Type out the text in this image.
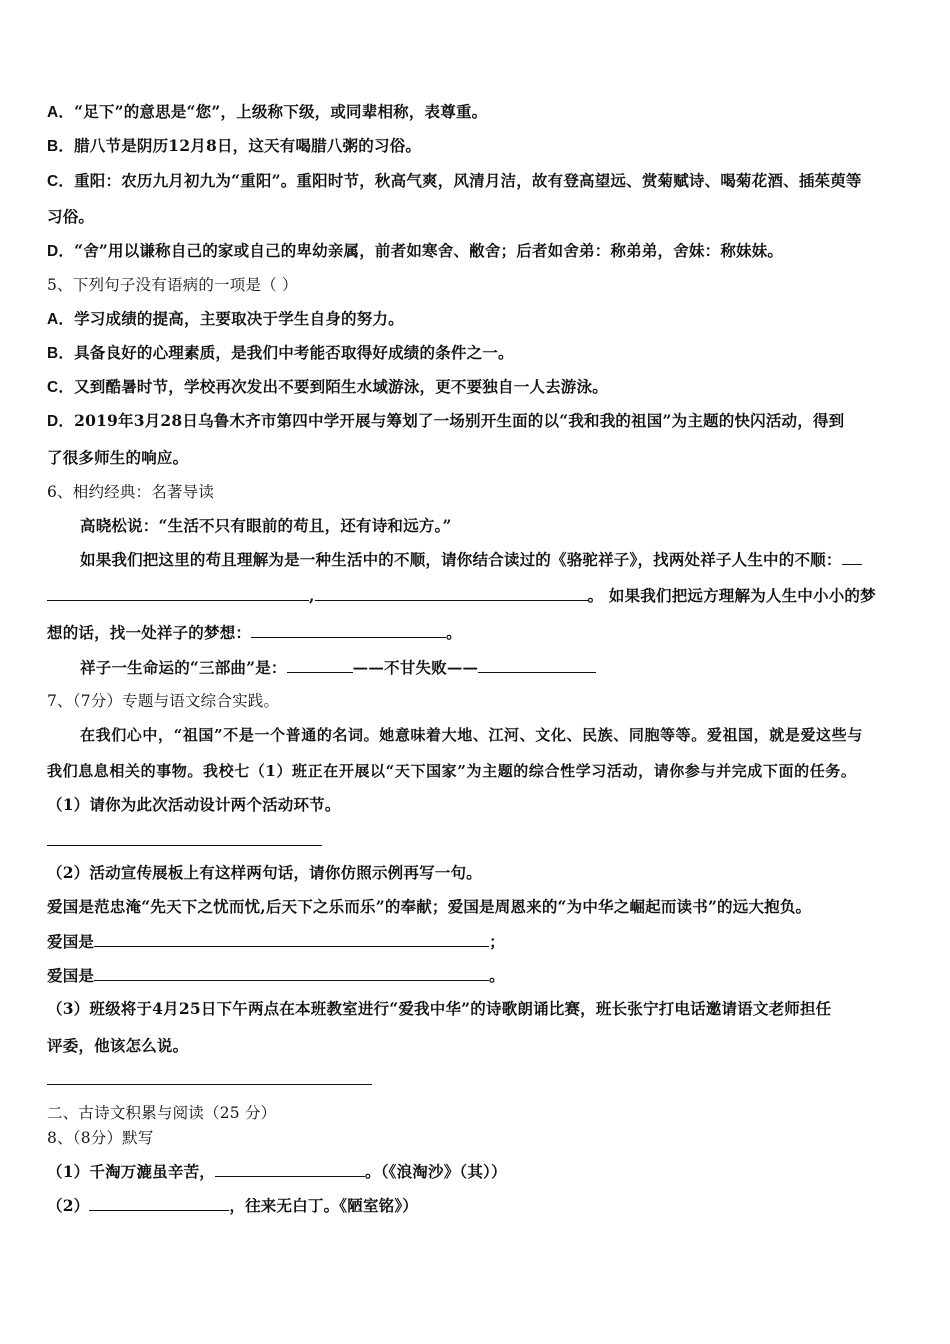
A．“足下”的意思是“您”，上级称下级，或同辈相称，表尊重。
B．腊八节是阴历12月8日，这天有喝腊八粥的习俗。
C．重阳：农历九月初九为“重阳”。重阳时节，秋高气爽，风清月洁，故有登高望远、赏菊赋诗、喝菊花酒、插茱萸等
习俗。
D．“舍”用以谦称自己的家或自己的卑幼亲属，前者如寒舍、敝舍；后者如舍弟：称弟弟，舍妹：称妹妹。
5、下列句子没有语病的一项是（ ）
A．学习成绩的提高，主要取决于学生自身的努力。
B．具备良好的心理素质，是我们中考能否取得好成绩的条件之一。
C．又到酷暑时节，学校再次发出不要到陌生水域游泳，更不要独自一人去游泳。
D．2019年3月28日乌鲁木齐市第四中学开展与筹划了一场别开生面的以“我和我的祖国”为主题的快闪活动，得到
了很多师生的响应。
6、相约经典：名著导读
高晓松说：“生活不只有眼前的苟且，还有诗和远方。”
如果我们把这里的苟且理解为是一种生活中的不顺，请你结合读过的《骆驼祥子》，找两处祥子人生中的不顺：
,	。 如果我们把远方理解为人生中小小的梦
想的话，找一处祥子的梦想：	。
祥子一生命运的“三部曲”是：	——不甘失败——
7、（7分）专题与语文综合实践。
在我们心中，“祖国”不是一个普通的名词。她意味着大地、江河、文化、民族、同胞等等。爱祖国，就是爱这些与
我们息息相关的事物。我校七（1）班正在开展以“天下国家”为主题的综合性学习活动，请你参与并完成下面的任务。
（1）请你为此次活动设计两个活动环节。
（2）活动宣传展板上有这样两句话，请你仿照示例再写一句。
爱国是范忠淹“先天下之忧而忧,后天下之乐而乐”的奉献；爱国是周恩来的“为中华之崛起而读书”的远大抱负。
爱国是	；
爱国是	。
（3）班级将于4月25日下午两点在本班教室进行“爱我中华”的诗歌朗诵比赛，班长张宁打电话邀请语文老师担任
评委，他该怎么说。
二、古诗文积累与阅读（25 分）
8、（8分）默写
（1）千淘万漉虽辛苦，	。（《浪淘沙》（其））
（2）	，往来无白丁。《陋室铭》）
